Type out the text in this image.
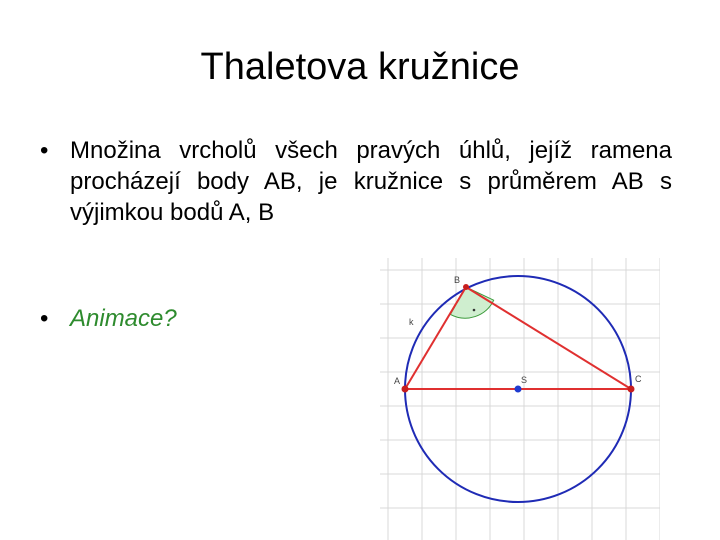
Thaletova kružnice
• Množina vrcholů všech pravých úhlů, jejíž ramena procházejí body AB, je kružnice s průměrem AB s výjimkou bodů A, B
• Animace?
A
B
C
k
S
